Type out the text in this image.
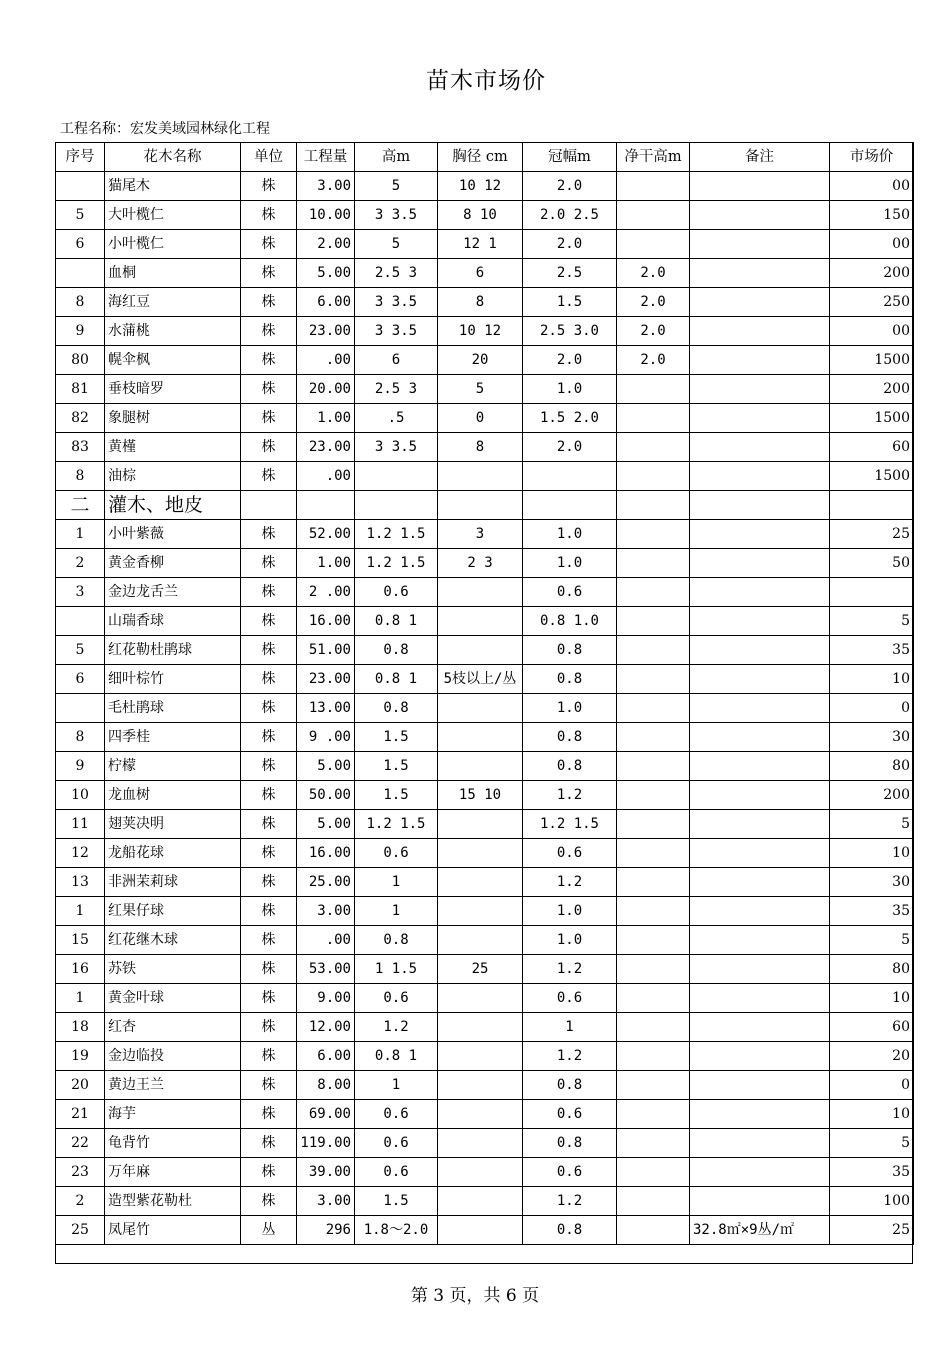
苗木市场价
工程名称：宏发美域园林绿化工程
序号	花木名称	单位	工程量	高m	胸径 cm	冠幅m	净干高m	备注	市场价
	猫尾木	株	3.00	5	10 12	2.0			00
5	大叶榄仁	株	10.00	3 3.5	8 10	2.0 2.5			150
6	小叶榄仁	株	2.00	5	12 1	2.0			00
	血桐	株	5.00	2.5 3	6	2.5	2.0		200
8	海红豆	株	6.00	3 3.5	8	1.5	2.0		250
9	水蒲桃	株	23.00	3 3.5	10 12	2.5 3.0	2.0		00
80	幌伞枫	株	.00	6	20	2.0	2.0		1500
81	垂枝暗罗	株	20.00	2.5 3	5	1.0			200
82	象腿树	株	1.00	.5	0	1.5 2.0			1500
83	黄槿	株	23.00	3 3.5	8	2.0			60
8	油棕	株	.00						1500
二	灌木、地皮								
1	小叶紫薇	株	52.00	1.2 1.5	3	1.0			25
2	黄金香柳	株	1.00	1.2 1.5	2 3	1.0			50
3	金边龙舌兰	株	2 .00	0.6		0.6			
	山瑞香球	株	16.00	0.8 1		0.8 1.0			5
5	红花勒杜鹃球	株	51.00	0.8		0.8			35
6	细叶棕竹	株	23.00	0.8 1	5枝以上/丛	0.8			10
	毛杜鹃球	株	13.00	0.8		1.0			0
8	四季桂	株	9 .00	1.5		0.8			30
9	柠檬	株	5.00	1.5		0.8			80
10	龙血树	株	50.00	1.5	15 10	1.2			200
11	翅荚决明	株	5.00	1.2 1.5		1.2 1.5			5
12	龙船花球	株	16.00	0.6		0.6			10
13	非洲茉莉球	株	25.00	1		1.2			30
1	红果仔球	株	3.00	1		1.0			35
15	红花继木球	株	.00	0.8		1.0			5
16	苏铁	株	53.00	1 1.5	25	1.2			80
1	黄金叶球	株	9.00	0.6		0.6			10
18	红杏	株	12.00	1.2		1			60
19	金边临投	株	6.00	0.8 1		1.2			20
20	黄边王兰	株	8.00	1		0.8			0
21	海芋	株	69.00	0.6		0.6			10
22	龟背竹	株	119.00	0.6		0.8			5
23	万年麻	株	39.00	0.6		0.6			35
2	造型紫花勒杜	株	3.00	1.5		1.2			100
25	凤尾竹	丛	296	1.8～2.0		0.8		32.8㎡×9丛/㎡	25
第 3 页，共 6 页
